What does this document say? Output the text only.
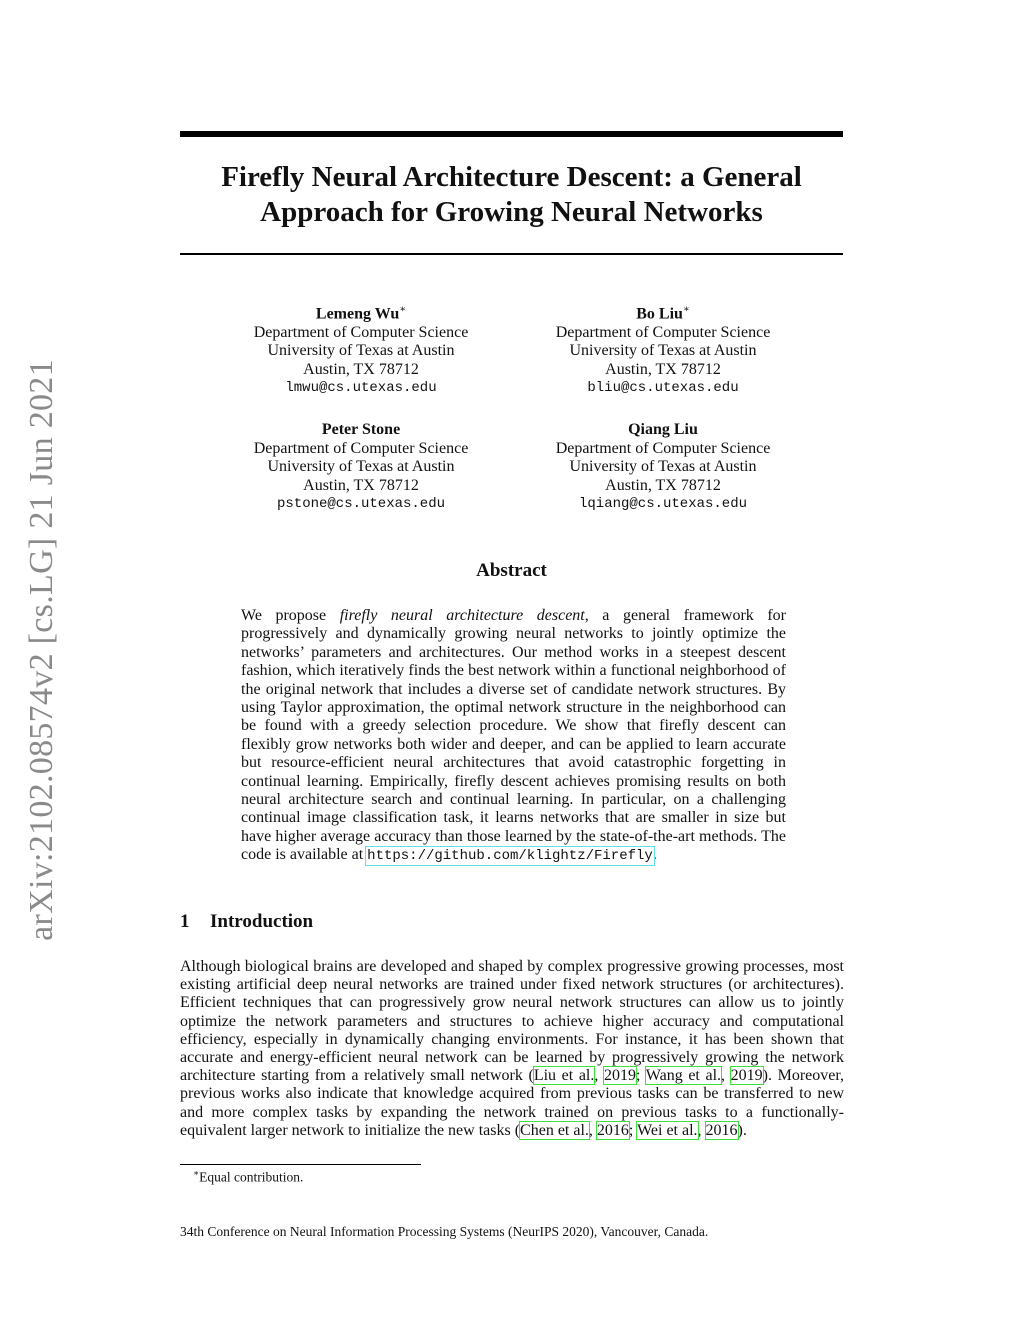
arXiv:2102.08574v2 [cs.LG] 21 Jun 2021
Firefly Neural Architecture Descent: a General
Approach for Growing Neural Networks
Lemeng Wu∗
Department of Computer Science
University of Texas at Austin
Austin, TX 78712
lmwu@cs.utexas.edu
Bo Liu∗
Department of Computer Science
University of Texas at Austin
Austin, TX 78712
bliu@cs.utexas.edu
Peter Stone
Department of Computer Science
University of Texas at Austin
Austin, TX 78712
pstone@cs.utexas.edu
Qiang Liu
Department of Computer Science
University of Texas at Austin
Austin, TX 78712
lqiang@cs.utexas.edu
Abstract

We propose firefly neural architecture descent, a general framework for progressively and dynamically growing neural networks to jointly optimize the networks’ parameters and architectures. Our method works in a steepest descent fashion, which iteratively finds the best network within a functional neighborhood of the original network that includes a diverse set of candidate network structures. By using Taylor approximation, the optimal network structure in the neighborhood can be found with a greedy selection procedure. We show that firefly descent can flexibly grow networks both wider and deeper, and can be applied to learn accurate but resource-efficient neural architectures that avoid catastrophic forgetting in continual learning. Empirically, firefly descent achieves promising results on both neural architecture search and continual learning. In particular, on a challenging continual image classification task, it learns networks that are smaller in size but have higher average accuracy than those learned by the state-of-the-art methods. The code is available at https://github.com/klightz/Firefly.

1 Introduction

Although biological brains are developed and shaped by complex progressive growing processes, most existing artificial deep neural networks are trained under fixed network structures (or architectures). Efficient techniques that can progressively grow neural network structures can allow us to jointly optimize the network parameters and structures to achieve higher accuracy and computational efficiency, especially in dynamically changing environments. For instance, it has been shown that accurate and energy-efficient neural network can be learned by progressively growing the network architecture starting from a relatively small network (Liu et al., 2019; Wang et al., 2019). Moreover, previous works also indicate that knowledge acquired from previous tasks can be transferred to new and more complex tasks by expanding the network trained on previous tasks to a functionally-equivalent larger network to initialize the new tasks (Chen et al., 2016; Wei et al., 2016).

∗Equal contribution.

34th Conference on Neural Information Processing Systems (NeurIPS 2020), Vancouver, Canada.
